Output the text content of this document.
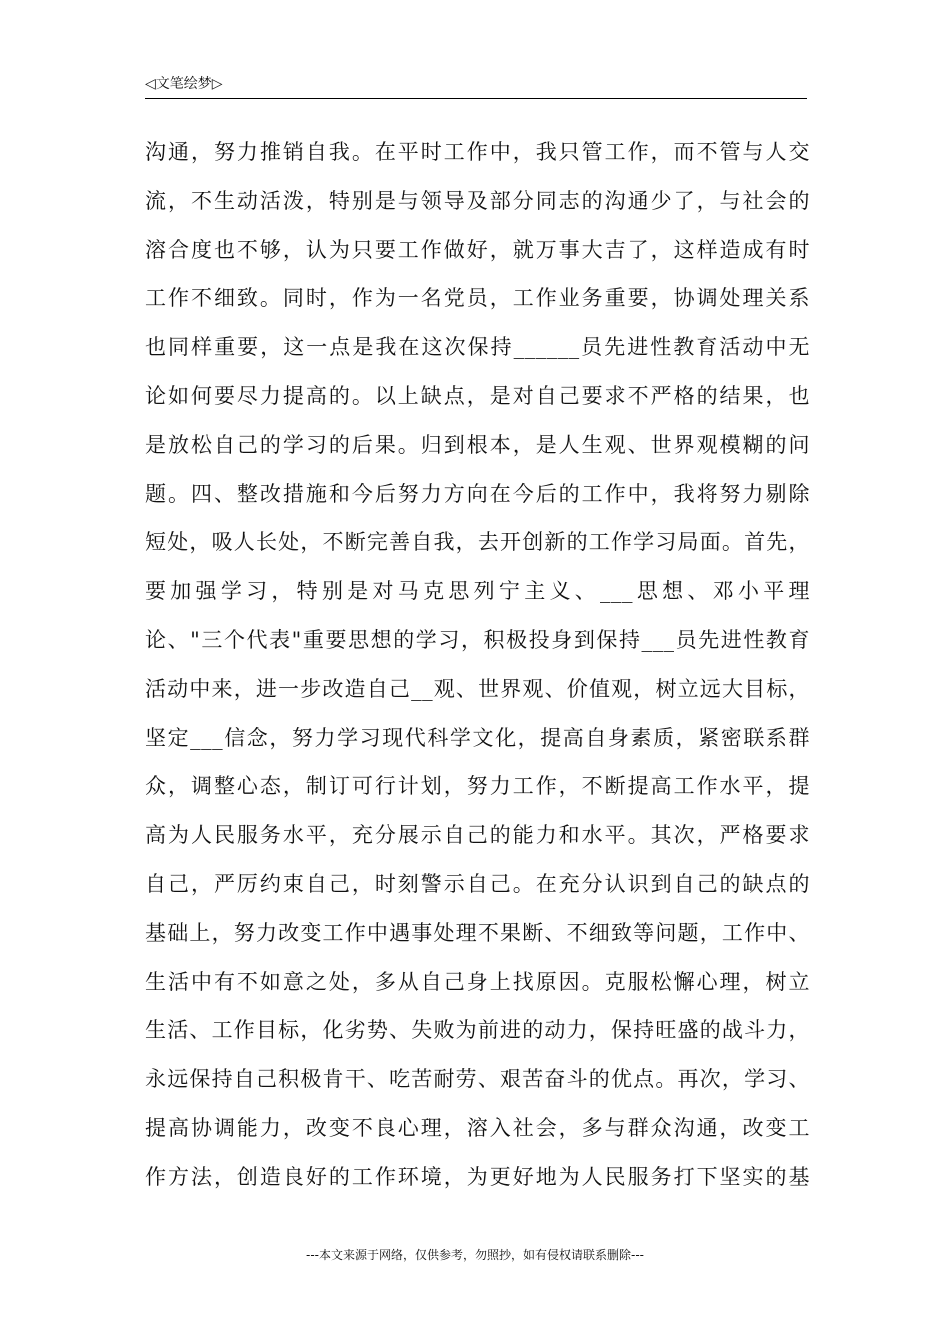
◁文笔绘梦▷
沟通，努力推销自我。在平时工作中，我只管工作，而不管与人交
流，不生动活泼，特别是与领导及部分同志的沟通少了，与社会的
溶合度也不够，认为只要工作做好，就万事大吉了，这样造成有时
工作不细致。同时，作为一名党员，工作业务重要，协调处理关系
也同样重要，这一点是我在这次保持______员先进性教育活动中无
论如何要尽力提高的。以上缺点，是对自己要求不严格的结果，也
是放松自己的学习的后果。归到根本，是人生观、世界观模糊的问
题。四、整改措施和今后努力方向在今后的工作中，我将努力剔除
短处，吸人长处，不断完善自我，去开创新的工作学习局面。首先，
要加强学习，特别是对马克思列宁主义、___思想、邓小平理
论、"三个代表"重要思想的学习，积极投身到保持___员先进性教育
活动中来，进一步改造自己__观、世界观、价值观，树立远大目标，
坚定___信念，努力学习现代科学文化，提高自身素质，紧密联系群
众，调整心态，制订可行计划，努力工作，不断提高工作水平，提
高为人民服务水平，充分展示自己的能力和水平。其次，严格要求
自己，严厉约束自己，时刻警示自己。在充分认识到自己的缺点的
基础上，努力改变工作中遇事处理不果断、不细致等问题，工作中、
生活中有不如意之处，多从自己身上找原因。克服松懈心理，树立
生活、工作目标，化劣势、失败为前进的动力，保持旺盛的战斗力，
永远保持自己积极肯干、吃苦耐劳、艰苦奋斗的优点。再次，学习、
提高协调能力，改变不良心理，溶入社会，多与群众沟通，改变工
作方法，创造良好的工作环境，为更好地为人民服务打下坚实的基
---本文来源于网络，仅供参考，勿照抄，如有侵权请联系删除---
